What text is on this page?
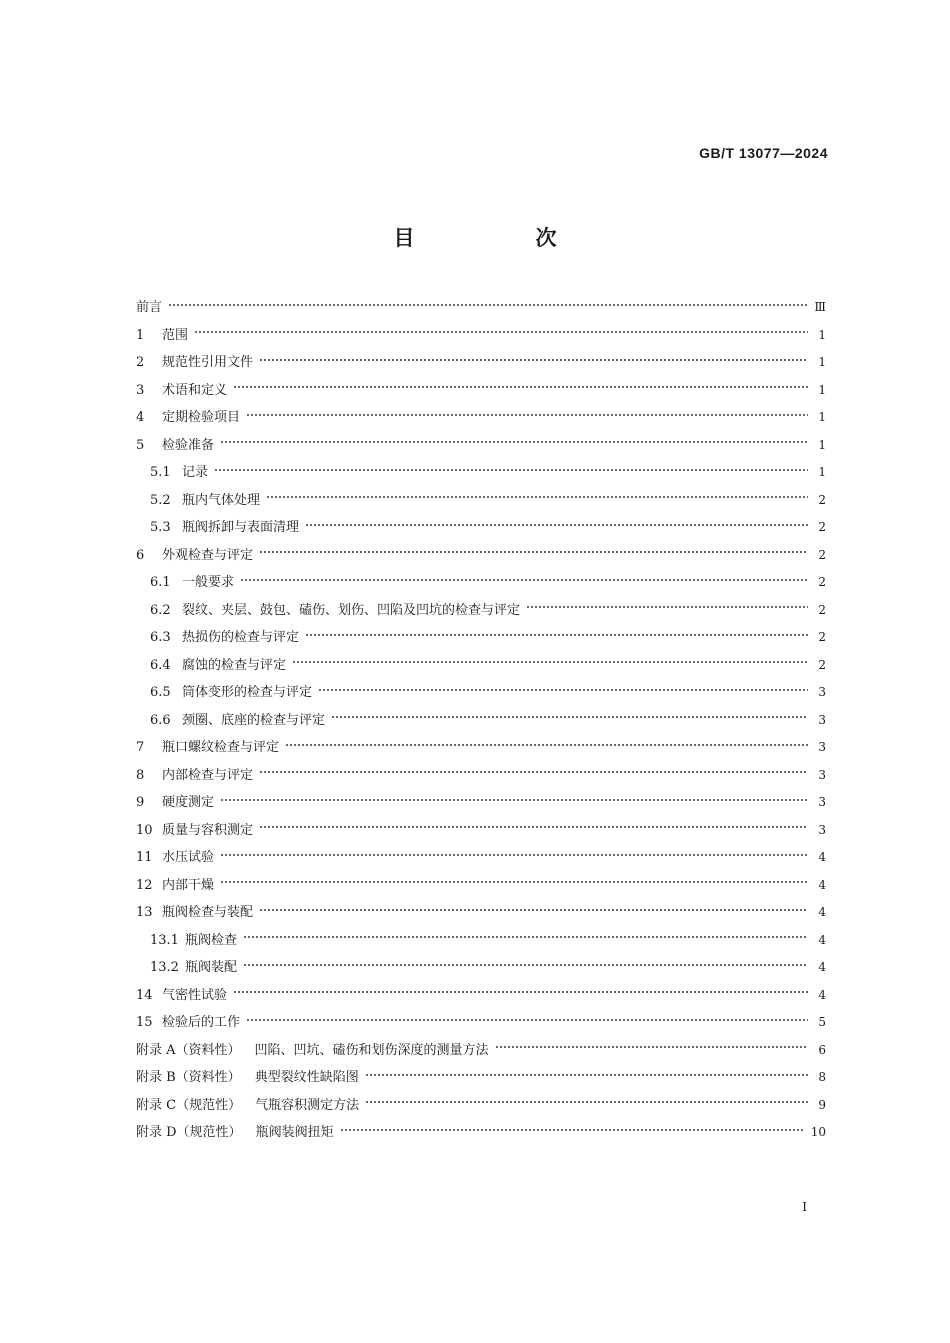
GB/T 13077—2024
目　次
前言	Ⅲ
1	范围	1
2	规范性引用文件	1
3	术语和定义	1
4	定期检验项目	1
5	检验准备	1
5.1 记录	1
5.2 瓶内气体处理	2
5.3 瓶阀拆卸与表面清理	2
6	外观检查与评定	2
6.1 一般要求	2
6.2 裂纹、夹层、鼓包、磕伤、划伤、凹陷及凹坑的检查与评定	2
6.3 热损伤的检查与评定	2
6.4 腐蚀的检查与评定	2
6.5 筒体变形的检查与评定	3
6.6 颈圈、底座的检查与评定	3
7	瓶口螺纹检查与评定	3
8	内部检查与评定	3
9	硬度测定	3
10 质量与容积测定	3
11 水压试验	4
12 内部干燥	4
13 瓶阀检查与装配	4
13.1 瓶阀检查	4
13.2 瓶阀装配	4
14 气密性试验	4
15 检验后的工作	5
附录 A（资料性） 凹陷、凹坑、磕伤和划伤深度的测量方法	6
附录 B（资料性） 典型裂纹性缺陷图	8
附录 C（规范性） 气瓶容积测定方法	9
附录 D（规范性） 瓶阀装阀扭矩	10
I
